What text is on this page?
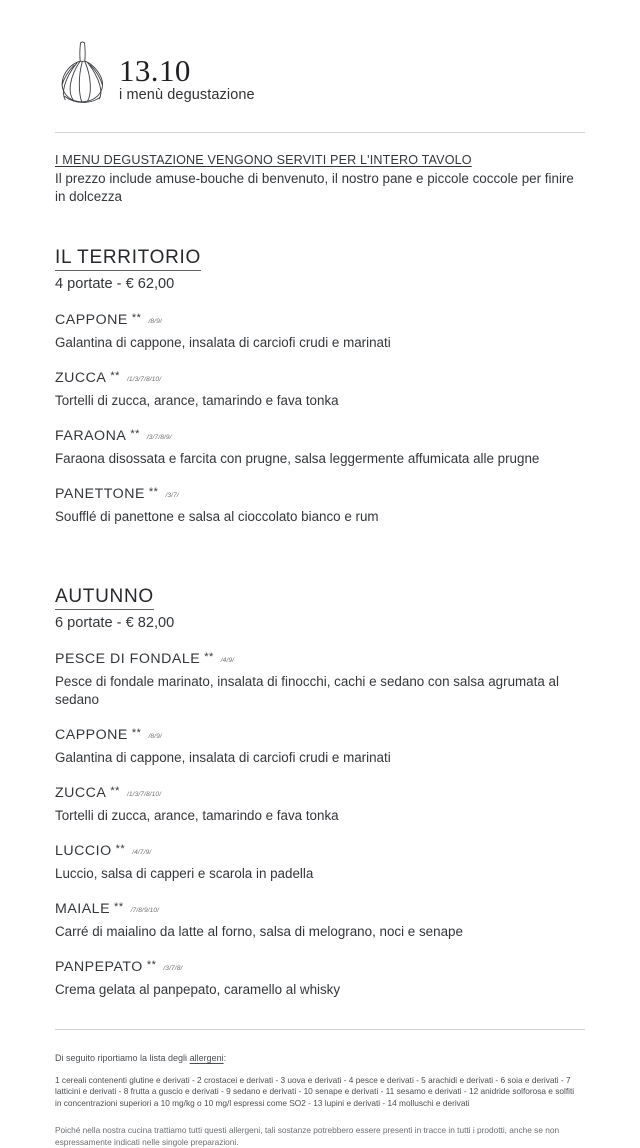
13.10
i menù degustazione
I MENU DEGUSTAZIONE VENGONO SERVITI PER L'INTERO TAVOLO
Il prezzo include amuse-bouche di benvenuto, il nostro pane e piccole coccole per finire in dolcezza
IL TERRITORIO
4 portate - € 62,00
CAPPONE ** /8/9/
Galantina di cappone, insalata di carciofi crudi e marinati
ZUCCA ** /1/3/7/8/10/
Tortelli di zucca, arance, tamarindo e fava tonka
FARAONA ** /3/7/8/9/
Faraona disossata e farcita con prugne, salsa leggermente affumicata alle prugne
PANETTONE ** /3/7/
Soufflé di panettone e salsa al cioccolato bianco e rum
AUTUNNO
6 portate - € 82,00
PESCE DI FONDALE ** /4/9/
Pesce di fondale marinato, insalata di finocchi, cachi e sedano con salsa agrumata al sedano
CAPPONE ** /8/9/
Galantina di cappone, insalata di carciofi crudi e marinati
ZUCCA ** /1/3/7/8/10/
Tortelli di zucca, arance, tamarindo e fava tonka
LUCCIO ** /4/7/9/
Luccio, salsa di capperi e scarola in padella
MAIALE ** /7/8/9/10/
Carré di maialino da latte al forno, salsa di melograno, noci e senape
PANPEPATO ** /3/7/8/
Crema gelata al panpepato, caramello al whisky
Di seguito riportiamo la lista degli allergeni:
1 cereali contenenti glutine e derivati - 2 crostacei e derivati - 3 uova e derivati - 4 pesce e derivati - 5 arachidi e derivati - 6 soia e derivati - 7 latticini e derivati - 8 frutta a guscio e derivati - 9 sedano e derivati - 10 senape e derivati - 11 sesamo e derivati - 12 anidride solforosa e solfiti in concentrazioni superiori a 10 mg/kg o 10 mg/l espressi come SO2 - 13 lupini e derivati - 14 molluschi e derivati
Poiché nella nostra cucina trattiamo tutti questi allergeni, tali sostanze potrebbero essere presenti in tracce in tutti i prodotti, anche se non espressamente indicati nelle singole preparazioni.
